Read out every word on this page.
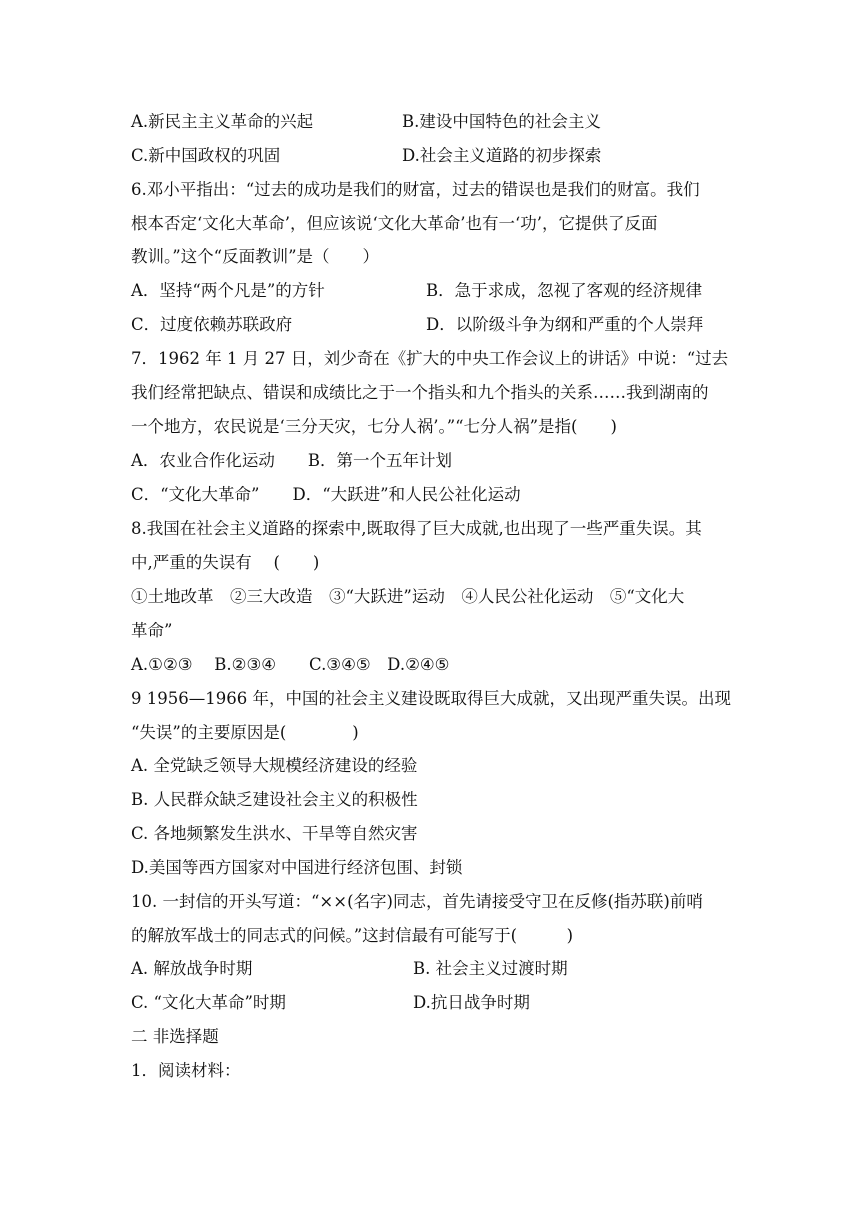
A.新民主主义革命的兴起	B.建设中国特色的社会主义
C.新中国政权的巩固	D.社会主义道路的初步探索
6.邓小平指出：“过去的成功是我们的财富，过去的错误也是我们的财富。我们
根本否定‘文化大革命’，但应该说‘文化大革命’也有一‘功’，它提供了反面
教训。”这个“反面教训”是（　　）
A．坚持“两个凡是”的方针	B．急于求成，忽视了客观的经济规律
C．过度依赖苏联政府	D．以阶级斗争为纲和严重的个人崇拜
7．1962 年 1 月 27 日，刘少奇在《扩大的中央工作会议上的讲话》中说：“过去
我们经常把缺点、错误和成绩比之于一个指头和九个指头的关系……我到湖南的
一个地方，农民说是‘三分天灾，七分人祸’。”“七分人祸”是指(　　)
A．农业合作化运动　　B．第一个五年计划
C．“文化大革命”　　D．“大跃进”和人民公社化运动
8.我国在社会主义道路的探索中,既取得了巨大成就,也出现了一些严重失误。其
中,严重的失误有　 (　　)
①土地改革　②三大改造　③“大跃进”运动　④人民公社化运动　⑤“文化大
革命”
A.①②③　 B.②③④　　C.③④⑤　D.②④⑤
9 1956—1966 年，中国的社会主义建设既取得巨大成就，又出现严重失误。出现
“失误”的主要原因是(　　　　)
A. 全党缺乏领导大规模经济建设的经验
B. 人民群众缺乏建设社会主义的积极性
C. 各地频繁发生洪水、干旱等自然灾害
D.美国等西方国家对中国进行经济包围、封锁
10. 一封信的开头写道：“××(名字)同志，首先请接受守卫在反修(指苏联)前哨
的解放军战士的同志式的问候。”这封信最有可能写于(　　　)
A. 解放战争时期	B. 社会主义过渡时期
C. “文化大革命”时期	D.抗日战争时期
二 非选择题
1．阅读材料：
